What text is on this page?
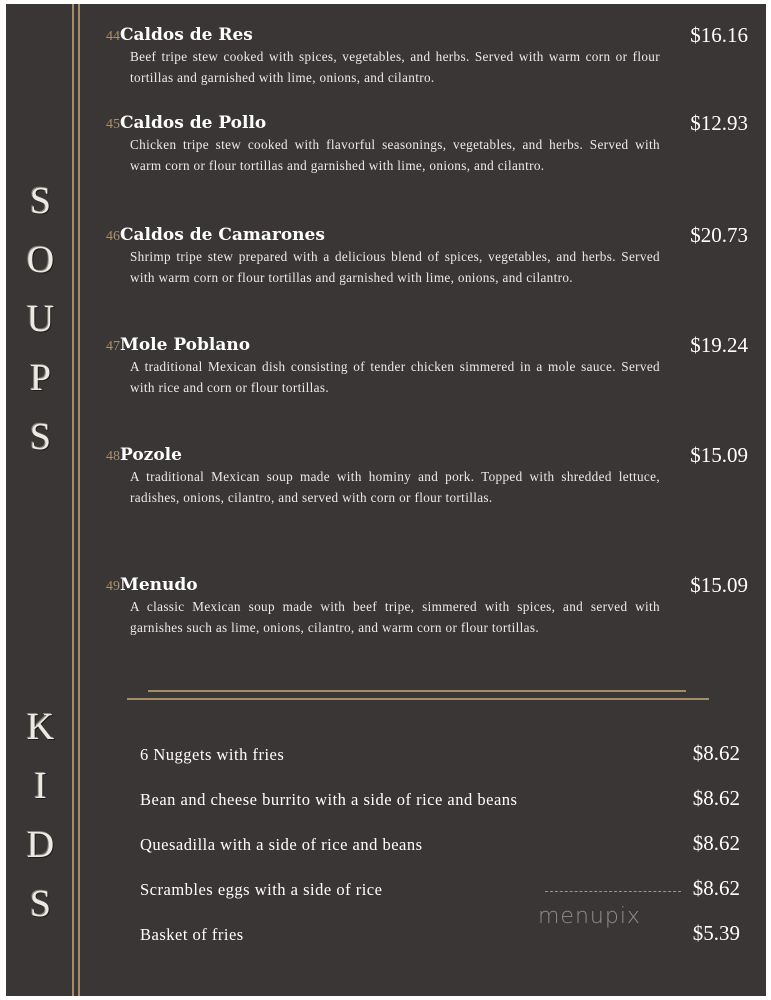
S
O
U
P
S
K
I
D
S
44Caldos de Res	$16.16
Beef tripe stew cooked with spices, vegetables, and herbs. Served with warm corn or flour tortillas and garnished with lime, onions, and cilantro.
45Caldos de Pollo	$12.93
Chicken tripe stew cooked with flavorful seasonings, vegetables, and herbs. Served with warm corn or flour tortillas and garnished with lime, onions, and cilantro.
46Caldos de Camarones	$20.73
Shrimp tripe stew prepared with a delicious blend of spices, vegetables, and herbs. Served with warm corn or flour tortillas and garnished with lime, onions, and cilantro.
47Mole Poblano	$19.24
A traditional Mexican dish consisting of tender chicken simmered in a mole sauce. Served with rice and corn or flour tortillas.
48Pozole	$15.09
A traditional Mexican soup made with hominy and pork. Topped with shredded lettuce, radishes, onions, cilantro, and served with corn or flour tortillas.
49Menudo	$15.09
A classic Mexican soup made with beef tripe, simmered with spices, and served with garnishes such as lime, onions, cilantro, and warm corn or flour tortillas.
6 Nuggets with fries	$8.62
Bean and cheese burrito with a side of rice and beans	$8.62
Quesadilla with a side of rice and beans	$8.62
Scrambles eggs with a side of rice	$8.62
Basket of fries	$5.39
menupix
